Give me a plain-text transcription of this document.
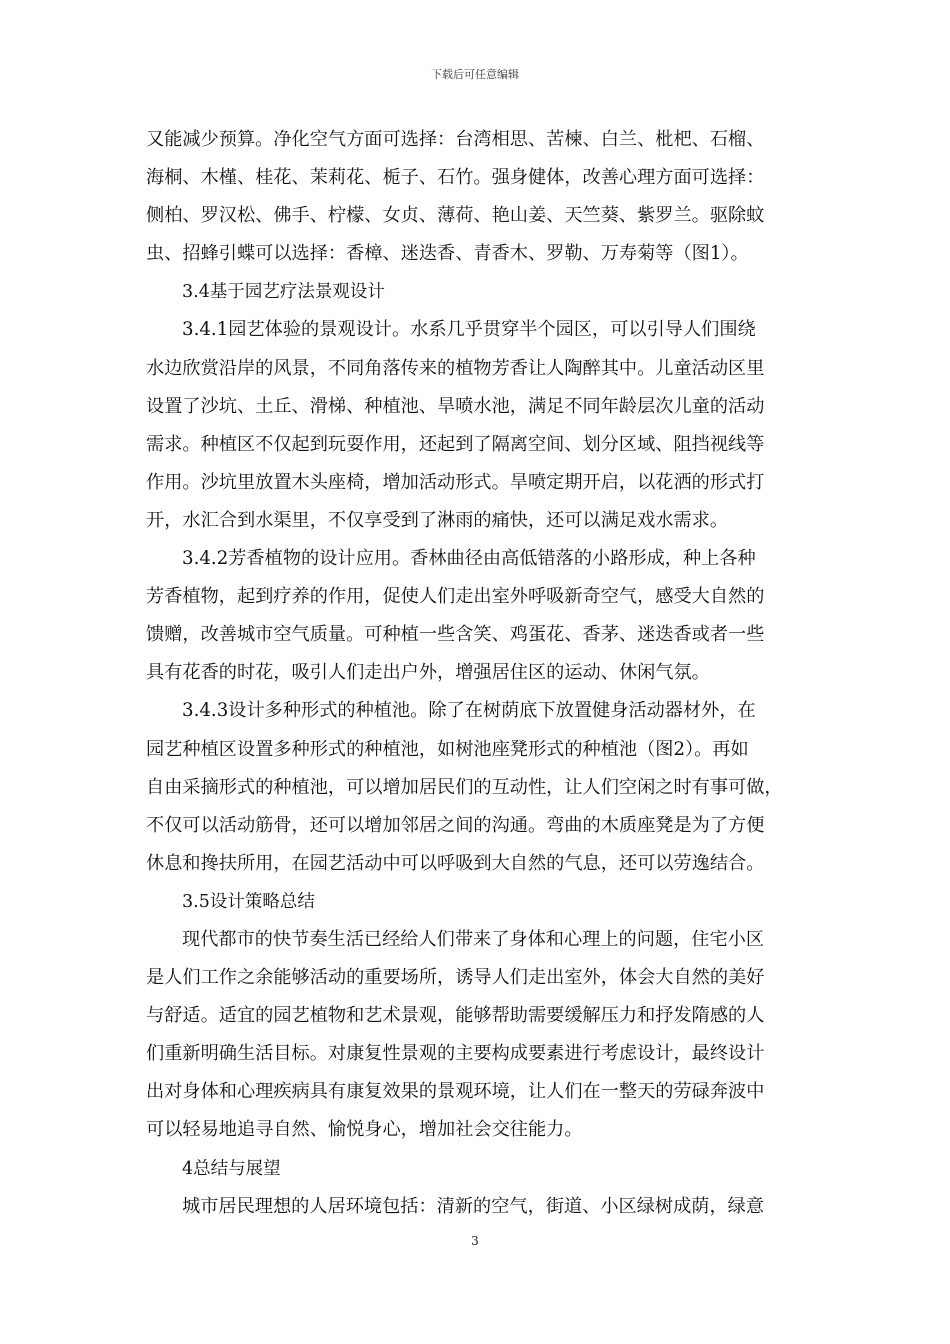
下载后可任意编辑
又能减少预算。净化空气方面可选择：台湾相思、苦楝、白兰、枇杷、石榴、
海桐、木槿、桂花、茉莉花、栀子、石竹。强身健体，改善心理方面可选择：
侧柏、罗汉松、佛手、柠檬、女贞、薄荷、艳山姜、天竺葵、紫罗兰。驱除蚊
虫、招蜂引蝶可以选择：香樟、迷迭香、青香木、罗勒、万寿菊等（图1）。
3.4基于园艺疗法景观设计
3.4.1园艺体验的景观设计。水系几乎贯穿半个园区，可以引导人们围绕
水边欣赏沿岸的风景，不同角落传来的植物芳香让人陶醉其中。儿童活动区里
设置了沙坑、土丘、滑梯、种植池、旱喷水池，满足不同年龄层次儿童的活动
需求。种植区不仅起到玩耍作用，还起到了隔离空间、划分区域、阻挡视线等
作用。沙坑里放置木头座椅，增加活动形式。旱喷定期开启，以花洒的形式打
开，水汇合到水渠里，不仅享受到了淋雨的痛快，还可以满足戏水需求。
3.4.2芳香植物的设计应用。香林曲径由高低错落的小路形成，种上各种
芳香植物，起到疗养的作用，促使人们走出室外呼吸新奇空气，感受大自然的
馈赠，改善城市空气质量。可种植一些含笑、鸡蛋花、香茅、迷迭香或者一些
具有花香的时花，吸引人们走出户外，增强居住区的运动、休闲气氛。
3.4.3设计多种形式的种植池。除了在树荫底下放置健身活动器材外，在
园艺种植区设置多种形式的种植池，如树池座凳形式的种植池（图2）。再如
自由采摘形式的种植池，可以增加居民们的互动性，让人们空闲之时有事可做，
不仅可以活动筋骨，还可以增加邻居之间的沟通。弯曲的木质座凳是为了方便
休息和搀扶所用，在园艺活动中可以呼吸到大自然的气息，还可以劳逸结合。
3.5设计策略总结
现代都市的快节奏生活已经给人们带来了身体和心理上的问题，住宅小区
是人们工作之余能够活动的重要场所，诱导人们走出室外，体会大自然的美好
与舒适。适宜的园艺植物和艺术景观，能够帮助需要缓解压力和抒发隋感的人
们重新明确生活目标。对康复性景观的主要构成要素进行考虑设计，最终设计
出对身体和心理疾病具有康复效果的景观环境，让人们在一整天的劳碌奔波中
可以轻易地追寻自然、愉悦身心，增加社会交往能力。
4总结与展望
城市居民理想的人居环境包括：清新的空气，街道、小区绿树成荫，绿意
3
